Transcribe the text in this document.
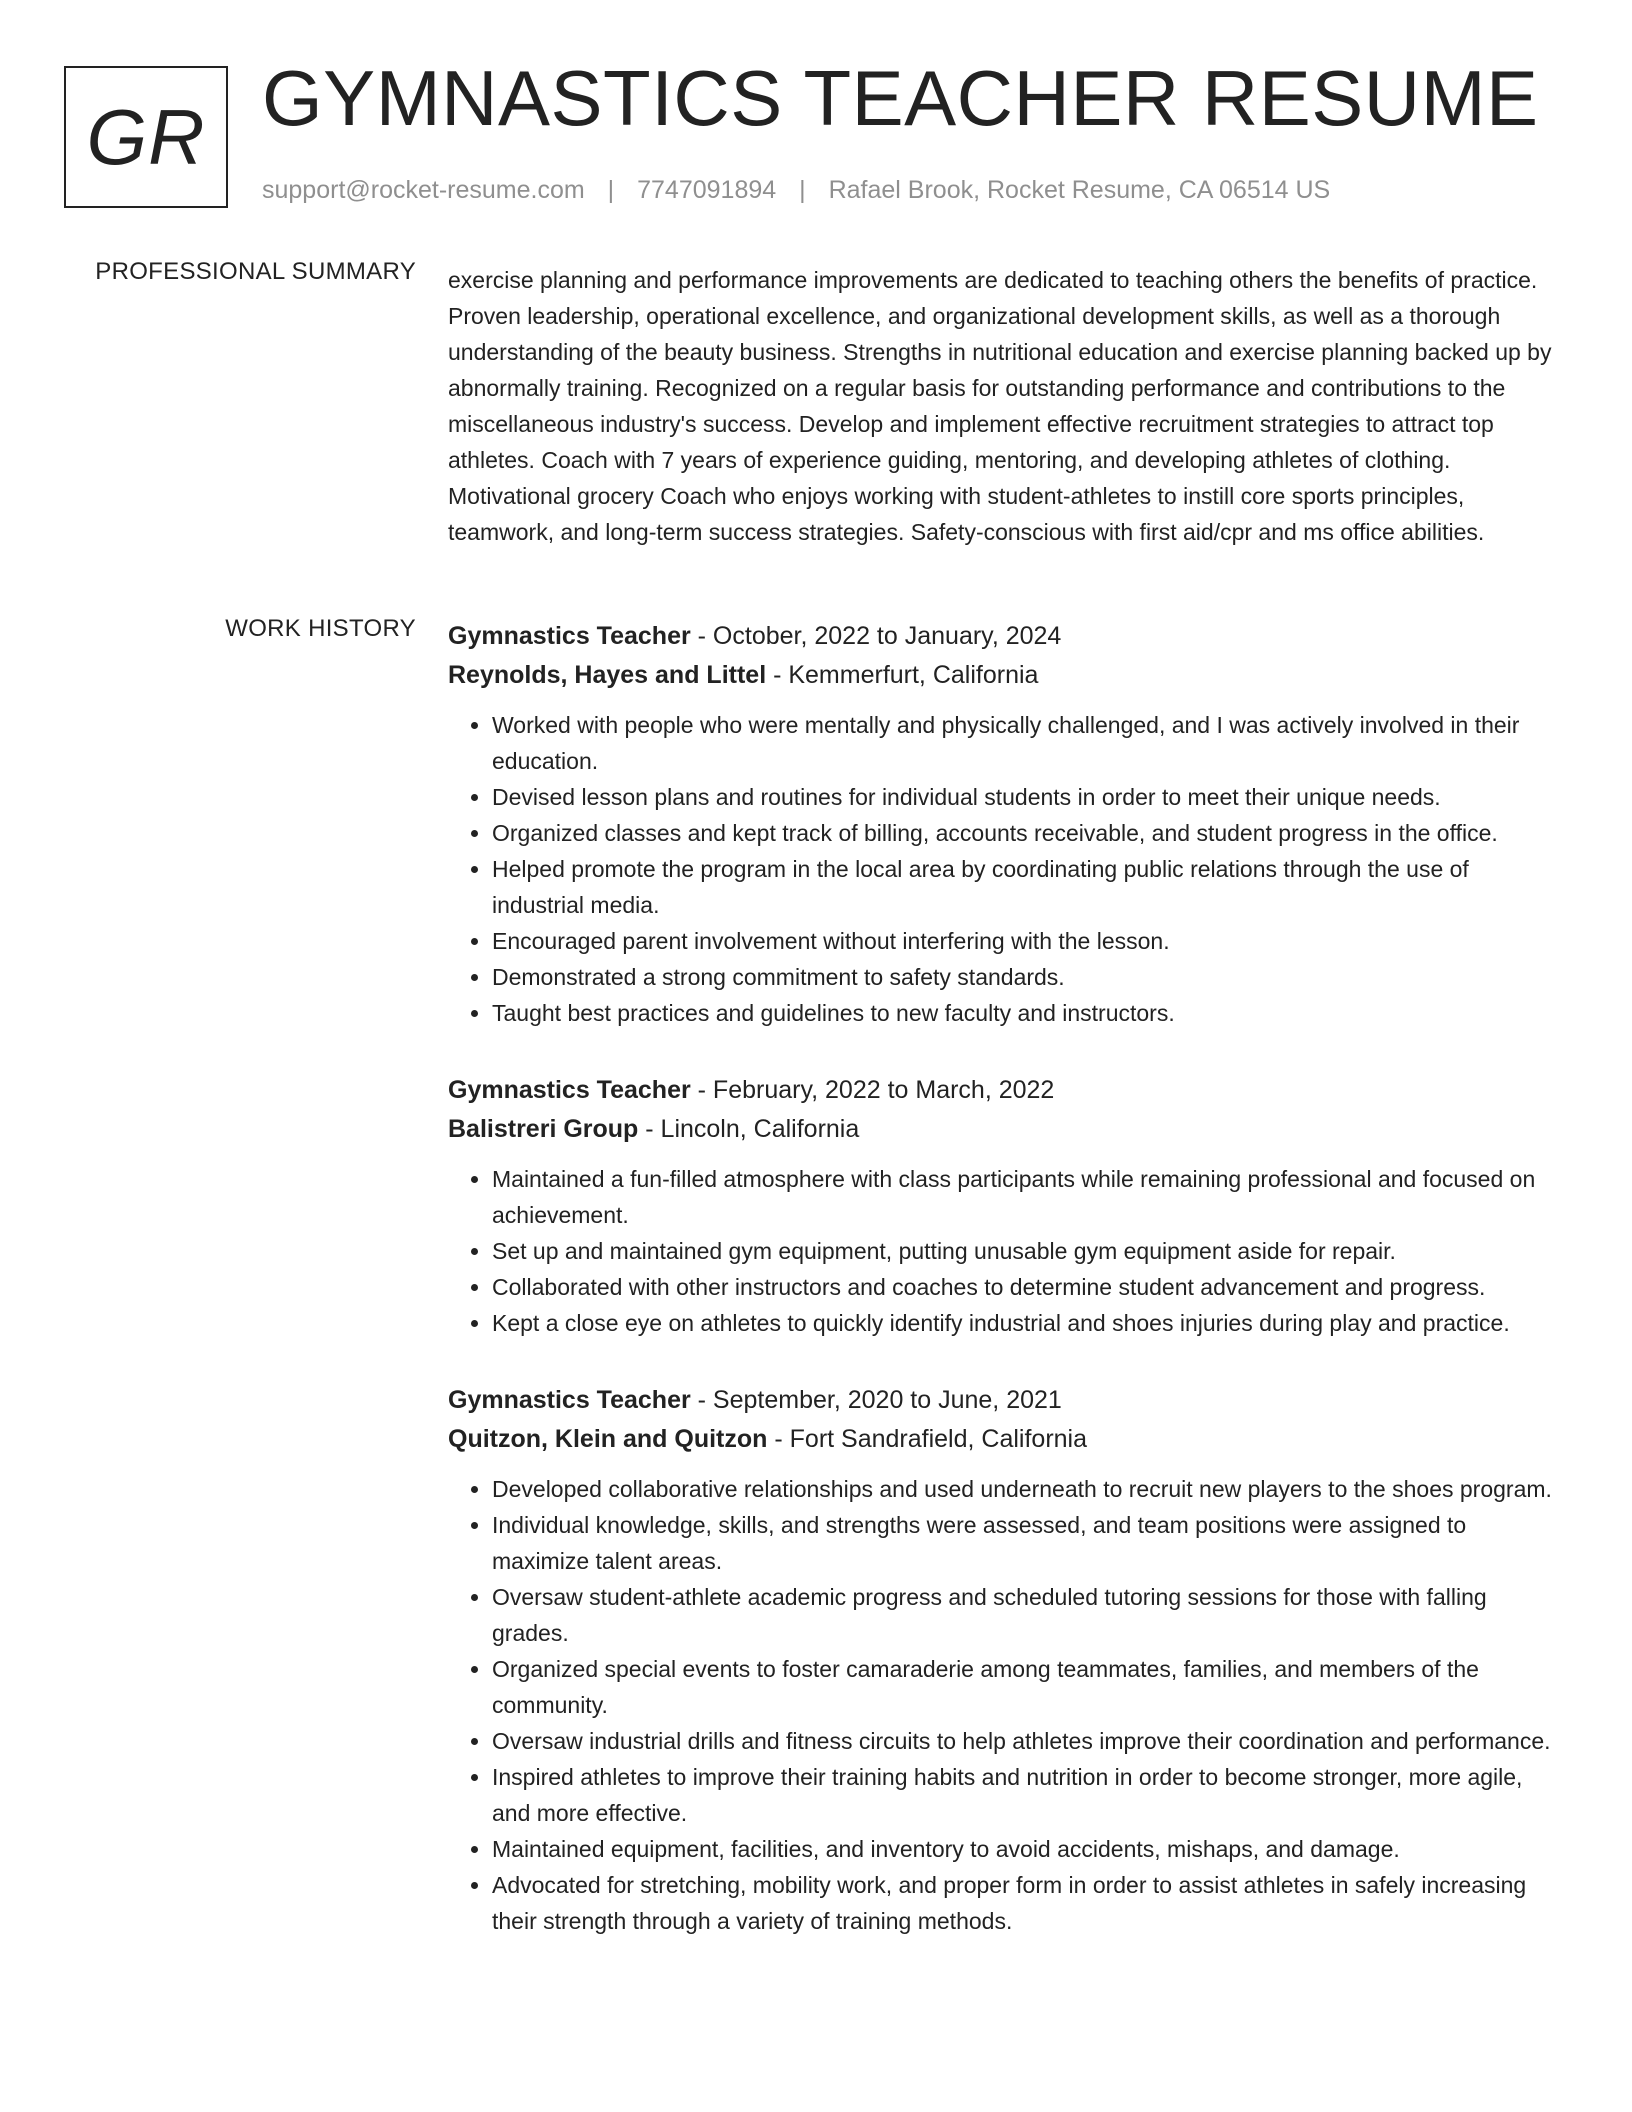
GR GYMNASTICS TEACHER RESUME
support@rocket-resume.com | 7747091894 | Rafael Brook, Rocket Resume, CA 06514 US
PROFESSIONAL SUMMARY exercise planning and performance improvements are dedicated to teaching others the benefits of practice. Proven leadership, operational excellence, and organizational development skills, as well as a thorough understanding of the beauty business. Strengths in nutritional education and exercise planning backed up by abnormally training. Recognized on a regular basis for outstanding performance and contributions to the miscellaneous industry's success. Develop and implement effective recruitment strategies to attract top athletes. Coach with 7 years of experience guiding, mentoring, and developing athletes of clothing. Motivational grocery Coach who enjoys working with student-athletes to instill core sports principles, teamwork, and long-term success strategies. Safety-conscious with first aid/cpr and ms office abilities.

WORK HISTORY Gymnastics Teacher - October, 2022 to January, 2024
Reynolds, Hayes and Littel - Kemmerfurt, California
• Worked with people who were mentally and physically challenged, and I was actively involved in their education.
• Devised lesson plans and routines for individual students in order to meet their unique needs.
• Organized classes and kept track of billing, accounts receivable, and student progress in the office.
• Helped promote the program in the local area by coordinating public relations through the use of industrial media.
• Encouraged parent involvement without interfering with the lesson.
• Demonstrated a strong commitment to safety standards.
• Taught best practices and guidelines to new faculty and instructors.
Gymnastics Teacher - February, 2022 to March, 2022
Balistreri Group - Lincoln, California
• Maintained a fun-filled atmosphere with class participants while remaining professional and focused on achievement.
• Set up and maintained gym equipment, putting unusable gym equipment aside for repair.
• Collaborated with other instructors and coaches to determine student advancement and progress.
• Kept a close eye on athletes to quickly identify industrial and shoes injuries during play and practice.
Gymnastics Teacher - September, 2020 to June, 2021
Quitzon, Klein and Quitzon - Fort Sandrafield, California
• Developed collaborative relationships and used underneath to recruit new players to the shoes program.
• Individual knowledge, skills, and strengths were assessed, and team positions were assigned to maximize talent areas.
• Oversaw student-athlete academic progress and scheduled tutoring sessions for those with falling grades.
• Organized special events to foster camaraderie among teammates, families, and members of the community.
• Oversaw industrial drills and fitness circuits to help athletes improve their coordination and performance.
• Inspired athletes to improve their training habits and nutrition in order to become stronger, more agile, and more effective.
• Maintained equipment, facilities, and inventory to avoid accidents, mishaps, and damage.
• Advocated for stretching, mobility work, and proper form in order to assist athletes in safely increasing their strength through a variety of training methods.
